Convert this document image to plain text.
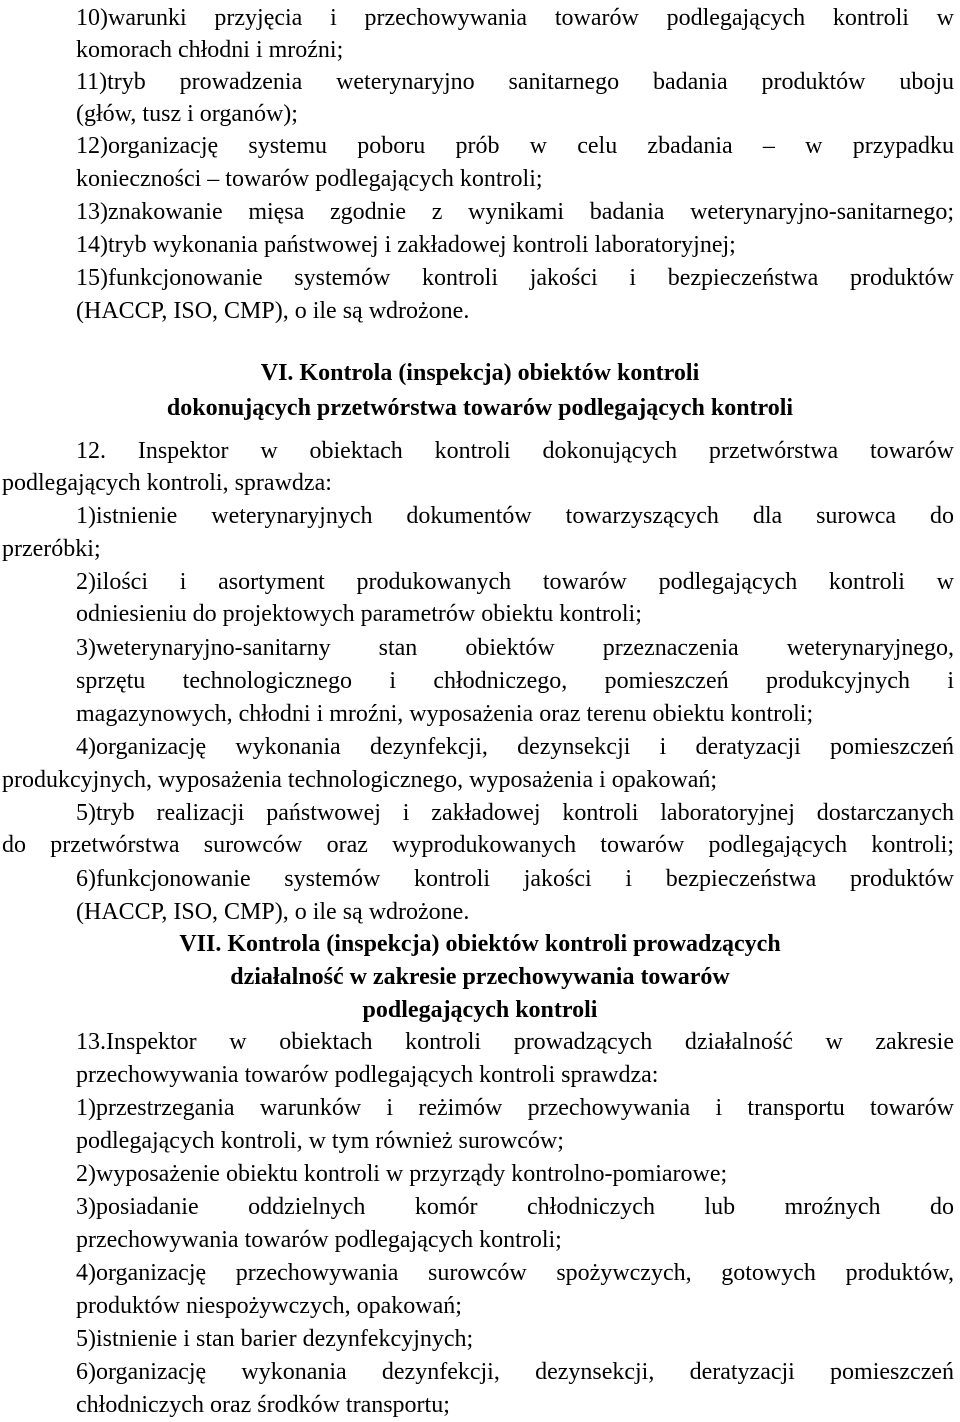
10)warunki przyjęcia i przechowywania towarów podlegających kontroli w
komorach chłodni i mroźni;
11)tryb prowadzenia weterynaryjno sanitarnego badania produktów uboju
(głów, tusz i organów);
12)organizację systemu poboru prób w celu zbadania – w przypadku
konieczności – towarów podlegających kontroli;
13)znakowanie mięsa zgodnie z wynikami badania weterynaryjno-sanitarnego;
14)tryb wykonania państwowej i zakładowej kontroli laboratoryjnej;
15)funkcjonowanie systemów kontroli jakości i bezpieczeństwa produktów
(HACCP, ISO, CMP), o ile są wdrożone.
VI. Kontrola (inspekcja) obiektów kontroli
dokonujących przetwórstwa towarów podlegających kontroli
12. Inspektor w obiektach kontroli dokonujących przetwórstwa towarów
podlegających kontroli, sprawdza:
1)istnienie weterynaryjnych dokumentów towarzyszących dla surowca do
przeróbki;
2)ilości i asortyment produkowanych towarów podlegających kontroli w
odniesieniu do projektowych parametrów obiektu kontroli;
3)weterynaryjno-sanitarny stan obiektów przeznaczenia weterynaryjnego,
sprzętu technologicznego i chłodniczego, pomieszczeń produkcyjnych i
magazynowych, chłodni i mroźni, wyposażenia oraz terenu obiektu kontroli;
4)organizację wykonania dezynfekcji, dezynsekcji i deratyzacji pomieszczeń
produkcyjnych, wyposażenia technologicznego, wyposażenia i opakowań;
5)tryb realizacji państwowej i zakładowej kontroli laboratoryjnej dostarczanych
do przetwórstwa surowców oraz wyprodukowanych towarów podlegających kontroli;
6)funkcjonowanie systemów kontroli jakości i bezpieczeństwa produktów
(HACCP, ISO, CMP), o ile są wdrożone.
VII. Kontrola (inspekcja) obiektów kontroli prowadzących
działalność w zakresie przechowywania towarów
podlegających kontroli
13.Inspektor w obiektach kontroli prowadzących działalność w zakresie
przechowywania towarów podlegających kontroli sprawdza:
1)przestrzegania warunków i reżimów przechowywania i transportu towarów
podlegających kontroli, w tym również surowców;
2)wyposażenie obiektu kontroli w przyrządy kontrolno-pomiarowe;
3)posiadanie oddzielnych komór chłodniczych lub mroźnych do
przechowywania towarów podlegających kontroli;
4)organizację przechowywania surowców spożywczych, gotowych produktów,
produktów niespożywczych, opakowań;
5)istnienie i stan barier dezynfekcyjnych;
6)organizację wykonania dezynfekcji, dezynsekcji, deratyzacji pomieszczeń
chłodniczych oraz środków transportu;
